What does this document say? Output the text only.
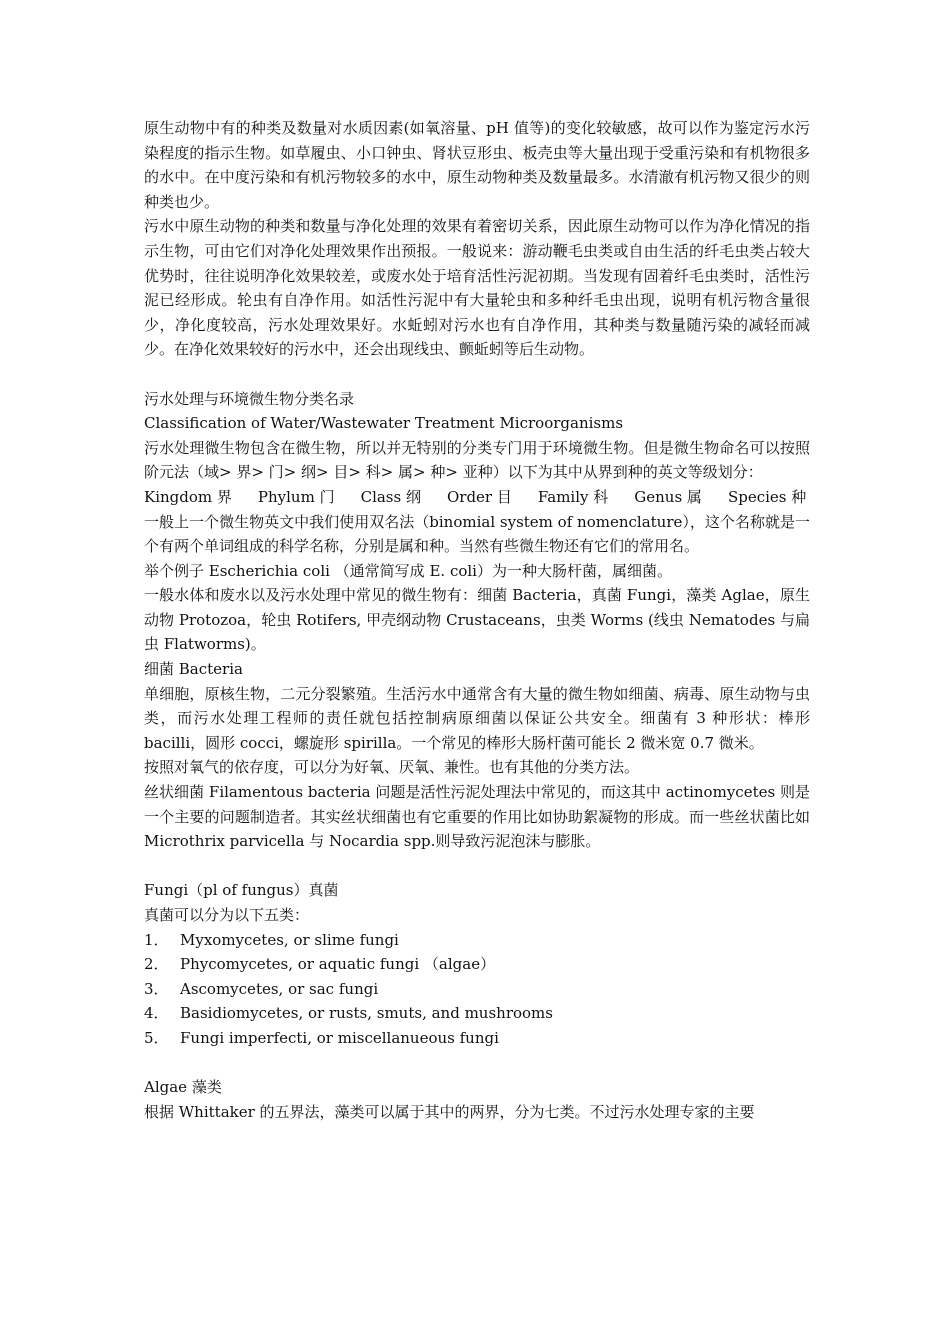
原生动物中有的种类及数量对水质因素(如氧溶量、pH 值等)的变化较敏感，故可以作为鉴定污水污染程度的指示生物。如草履虫、小口钟虫、肾状豆形虫、板壳虫等大量出现于受重污染和有机物很多的水中。在中度污染和有机污物较多的水中，原生动物种类及数量最多。水清澈有机污物又很少的则种类也少。

污水中原生动物的种类和数量与净化处理的效果有着密切关系，因此原生动物可以作为净化情况的指示生物，可由它们对净化处理效果作出预报。一般说来：游动鞭毛虫类或自由生活的纤毛虫类占较大优势时，往往说明净化效果较差，或废水处于培育活性污泥初期。当发现有固着纤毛虫类时，活性污泥已经形成。轮虫有自净作用。如活性污泥中有大量轮虫和多种纤毛虫出现，说明有机污物含量很少，净化度较高，污水处理效果好。水蚯蚓对污水也有自净作用，其种类与数量随污染的减轻而减少。在净化效果较好的污水中，还会出现线虫、颤蚯蚓等后生动物。

污水处理与环境微生物分类名录

Classification of Water/Wastewater Treatment Microorganisms

污水处理微生物包含在微生物，所以并无特别的分类专门用于环境微生物。但是微生物命名可以按照阶元法（域> 界> 门> 纲> 目> 科> 属> 种> 亚种）以下为其中从界到种的英文等级划分：

Kingdom 界 Phylum 门 Class 纲 Order 目 Family 科 Genus 属 Species 种

一般上一个微生物英文中我们使用双名法（binomial system of nomenclature），这个名称就是一个有两个单词组成的科学名称，分别是属和种。当然有些微生物还有它们的常用名。

举个例子 Escherichia coli （通常简写成 E. coli）为一种大肠杆菌，属细菌。

一般水体和废水以及污水处理中常见的微生物有：细菌 Bacteria，真菌 Fungi，藻类 Aglae，原生动物 Protozoa，轮虫 Rotifers, 甲壳纲动物 Crustaceans，虫类 Worms (线虫 Nematodes 与扁虫 Flatworms)。

细菌 Bacteria

单细胞，原核生物，二元分裂繁殖。生活污水中通常含有大量的微生物如细菌、病毒、原生动物与虫类，而污水处理工程师的责任就包括控制病原细菌以保证公共安全。细菌有 3 种形状：棒形 bacilli，圆形 cocci，螺旋形 spirilla。一个常见的棒形大肠杆菌可能长 2 微米宽 0.7 微米。

按照对氧气的依存度，可以分为好氧、厌氧、兼性。也有其他的分类方法。

丝状细菌 Filamentous bacteria 问题是活性污泥处理法中常见的，而这其中 actinomycetes 则是一个主要的问题制造者。其实丝状细菌也有它重要的作用比如协助絮凝物的形成。而一些丝状菌比如 Microthrix parvicella 与 Nocardia spp.则导致污泥泡沫与膨胀。

Fungi（pl of fungus）真菌

真菌可以分为以下五类：

1． Myxomycetes, or slime fungi
2． Phycomycetes, or aquatic fungi （algae）
3． Ascomycetes, or sac fungi
4． Basidiomycetes, or rusts, smuts, and mushrooms
5． Fungi imperfecti, or miscellanueous fungi

Algae 藻类

根据 Whittaker 的五界法，藻类可以属于其中的两界，分为七类。不过污水处理专家的主要
